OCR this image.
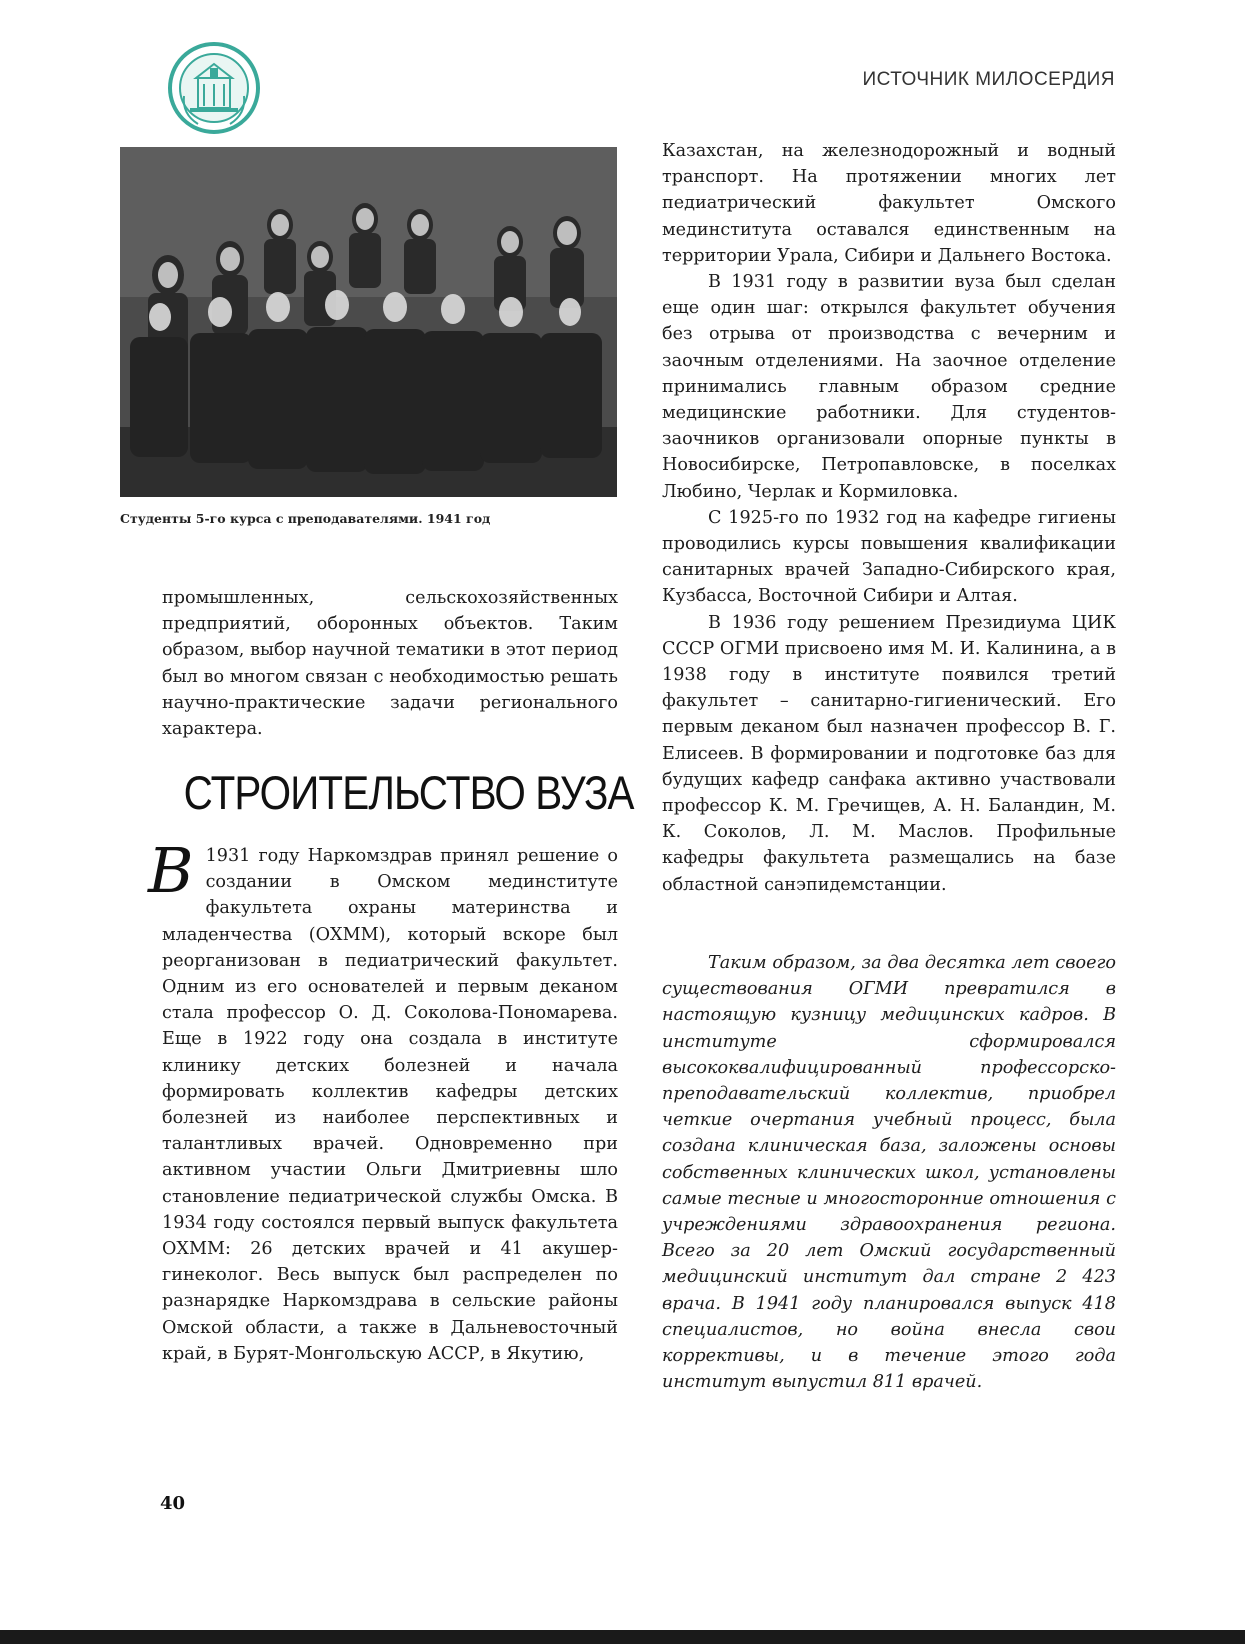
ИСТОЧНИК МИЛОСЕРДИЯ
Студенты 5-го курса с преподавателями. 1941 год

промышленных, сельскохозяйственных предприятий, оборонных объектов. Таким образом, выбор научной тематики в этот период был во многом связан с необходимостью решать научно-практические задачи регионального характера.

СТРОИТЕЛЬСТВО ВУЗА
В 1931 году Наркомздрав принял решение о создании в Омском мединституте факультета охраны материнства и младенчества (ОХММ), который вскоре был реорганизован в педиатрический факультет. Одним из его основателей и первым деканом стала профессор О. Д. Соколова-Пономарева. Еще в 1922 году она создала в институте клинику детских болезней и начала формировать коллектив кафедры детских болезней из наиболее перспективных и талантливых врачей. Одновременно при активном участии Ольги Дмитриевны шло становление педиатрической службы Омска. В 1934 году состоялся первый выпуск факультета ОХММ: 26 детских врачей и 41 акушер-гинеколог. Весь выпуск был распределен по разнарядке Наркомздрава в сельские районы Омской области, а также в Дальневосточный край, в Бурят-Монгольскую АССР, в Якутию,

Казахстан, на железнодорожный и водный транспорт. На протяжении многих лет педиатрический факультет Омского мединститута оставался единственным на территории Урала, Сибири и Дальнего Востока.

В 1931 году в развитии вуза был сделан еще один шаг: открылся факультет обучения без отрыва от производства с вечерним и заочным отделениями. На заочное отделение принимались главным образом средние медицинские работники. Для студентов-заочников организовали опорные пункты в Новосибирске, Петропавловске, в поселках Любино, Черлак и Кормиловка.

С 1925-го по 1932 год на кафедре гигиены проводились курсы повышения квалификации санитарных врачей Западно-Сибирского края, Кузбасса, Восточной Сибири и Алтая.

В 1936 году решением Президиума ЦИК СССР ОГМИ присвоено имя М. И. Калинина, а в 1938 году в институте появился третий факультет – санитарно-гигиенический. Его первым деканом был назначен профессор В. Г. Елисеев. В формировании и подготовке баз для будущих кафедр санфака активно участвовали профессор К. М. Гречищев, А. Н. Баландин, М. К. Соколов, Л. М. Маслов. Профильные кафедры факультета размещались на базе областной санэпидемстанции.

Таким образом, за два десятка лет своего существования ОГМИ превратился в настоящую кузницу медицинских кадров. В институте сформировался высококвалифицированный профессорско-преподавательский коллектив, приобрел четкие очертания учебный процесс, была создана клиническая база, заложены основы собственных клинических школ, установлены самые тесные и многосторонние отношения с учреждениями здравоохранения региона. Всего за 20 лет Омский государственный медицинский институт дал стране 2 423 врача. В 1941 году планировался выпуск 418 специалистов, но война внесла свои коррективы, и в течение этого года институт выпустил 811 врачей.

40
